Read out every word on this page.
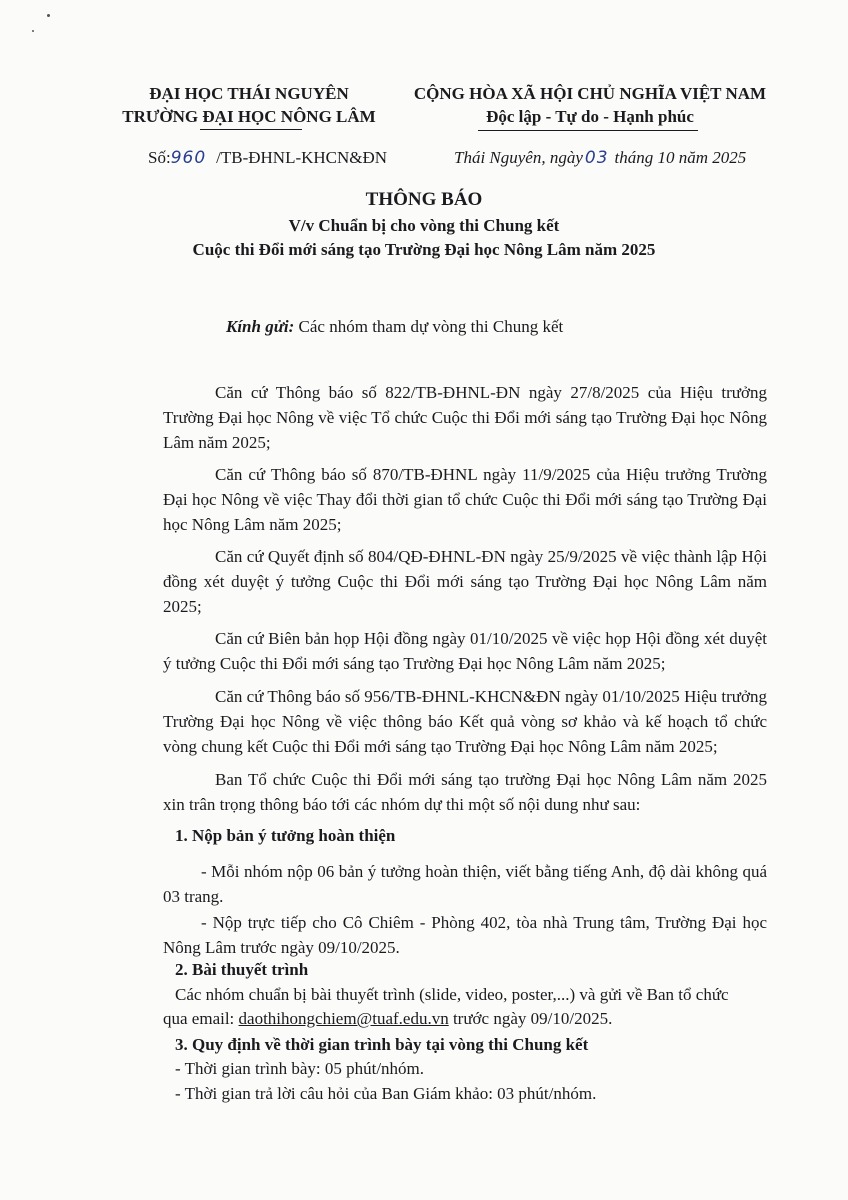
ĐẠI HỌC THÁI NGUYÊN
TRƯỜNG ĐẠI HỌC NÔNG LÂM
CỘNG HÒA XÃ HỘI CHỦ NGHĨA VIỆT NAM
Độc lập - Tự do - Hạnh phúc
Số:960 /TB-ĐHNL-KHCN&ĐN	Thái Nguyên, ngày 03 tháng 10 năm 2025
THÔNG BÁO
V/v Chuẩn bị cho vòng thi Chung kết
Cuộc thi Đổi mới sáng tạo Trường Đại học Nông Lâm năm 2025
Kính gửi: Các nhóm tham dự vòng thi Chung kết
Căn cứ Thông báo số 822/TB-ĐHNL-ĐN ngày 27/8/2025 của Hiệu trưởng Trường Đại học Nông về việc Tổ chức Cuộc thi Đổi mới sáng tạo Trường Đại học Nông Lâm năm 2025;
Căn cứ Thông báo số 870/TB-ĐHNL ngày 11/9/2025 của Hiệu trưởng Trường Đại học Nông về việc Thay đổi thời gian tổ chức Cuộc thi Đổi mới sáng tạo Trường Đại học Nông Lâm năm 2025;
Căn cứ Quyết định số 804/QĐ-ĐHNL-ĐN ngày 25/9/2025 về việc thành lập Hội đồng xét duyệt ý tưởng Cuộc thi Đổi mới sáng tạo Trường Đại học Nông Lâm năm 2025;
Căn cứ Biên bản họp Hội đồng ngày 01/10/2025 về việc họp Hội đồng xét duyệt ý tưởng Cuộc thi Đổi mới sáng tạo Trường Đại học Nông Lâm năm 2025;
Căn cứ Thông báo số 956/TB-ĐHNL-KHCN&ĐN ngày 01/10/2025 Hiệu trưởng Trường Đại học Nông về việc thông báo Kết quả vòng sơ khảo và kế hoạch tổ chức vòng chung kết Cuộc thi Đổi mới sáng tạo Trường Đại học Nông Lâm năm 2025;
Ban Tổ chức Cuộc thi Đổi mới sáng tạo trường Đại học Nông Lâm năm 2025 xin trân trọng thông báo tới các nhóm dự thi một số nội dung như sau:
1. Nộp bản ý tưởng hoàn thiện
- Mỗi nhóm nộp 06 bản ý tưởng hoàn thiện, viết bằng tiếng Anh, độ dài không quá 03 trang.
- Nộp trực tiếp cho Cô Chiêm - Phòng 402, tòa nhà Trung tâm, Trường Đại học Nông Lâm trước ngày 09/10/2025.
2. Bài thuyết trình
Các nhóm chuẩn bị bài thuyết trình (slide, video, poster,...) và gửi về Ban tổ chức
qua email: daothihongchiem@tuaf.edu.vn trước ngày 09/10/2025.
3. Quy định về thời gian trình bày tại vòng thi Chung kết
- Thời gian trình bày: 05 phút/nhóm.
- Thời gian trả lời câu hỏi của Ban Giám khảo: 03 phút/nhóm.
